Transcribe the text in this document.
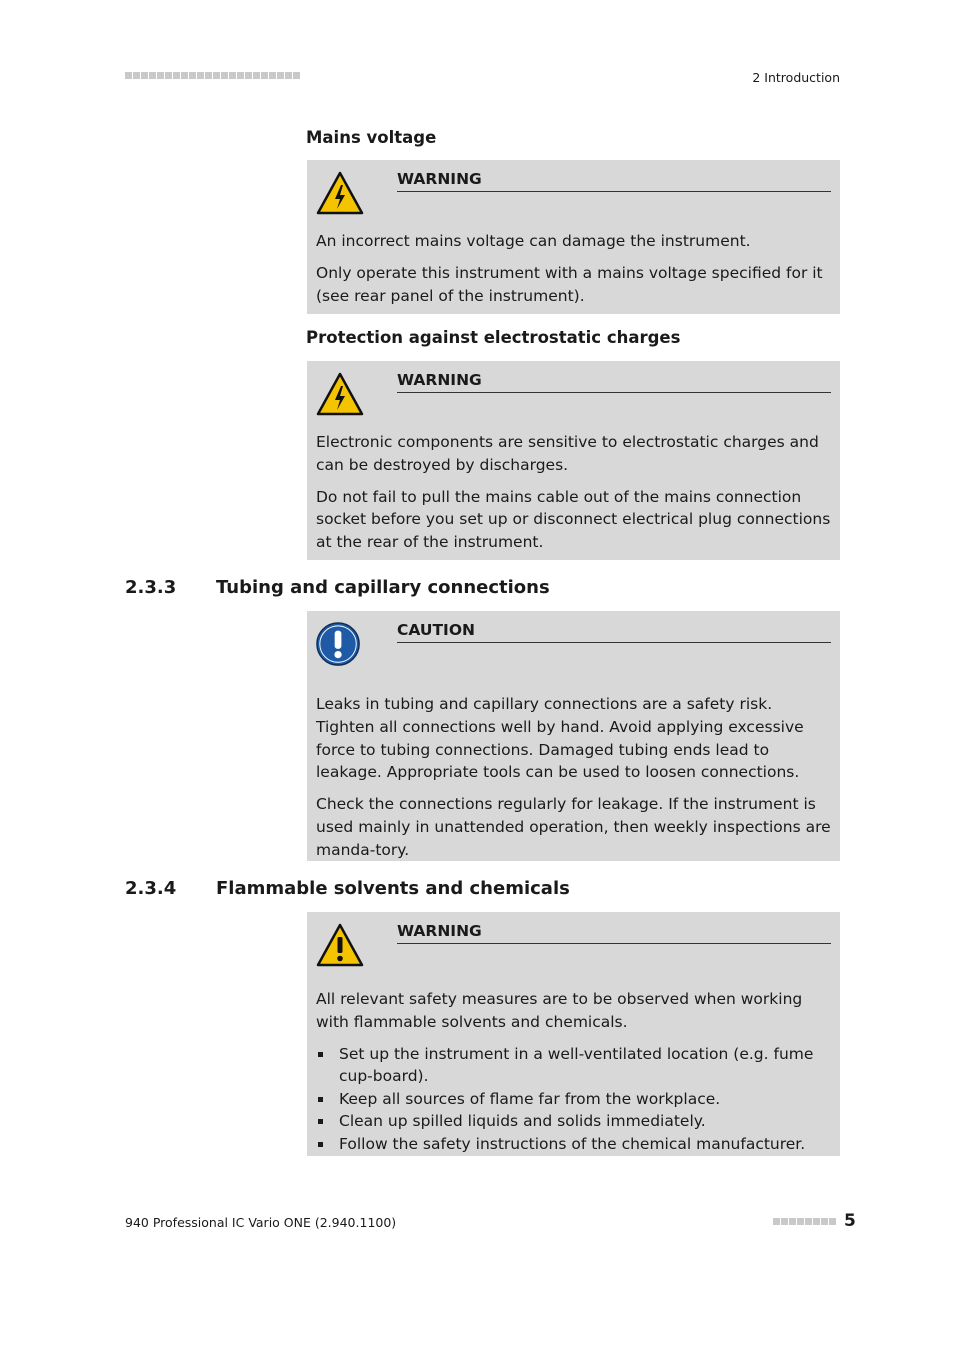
2 Introduction
Mains voltage
WARNING

An incorrect mains voltage can damage the instrument.

Only operate this instrument with a mains voltage specified for it (see rear panel of the instrument).

Protection against electrostatic charges
WARNING

Electronic components are sensitive to electrostatic charges and can be destroyed by discharges.

Do not fail to pull the mains cable out of the mains connection socket before you set up or disconnect electrical plug connections at the rear of the instrument.

2.3.3 Tubing and capillary connections
CAUTION

Leaks in tubing and capillary connections are a safety risk. Tighten all connections well by hand. Avoid applying excessive force to tubing connections. Damaged tubing ends lead to leakage. Appropriate tools can be used to loosen connections.

Check the connections regularly for leakage. If the instrument is used mainly in unattended operation, then weekly inspections are manda-tory.

2.3.4 Flammable solvents and chemicals
WARNING

All relevant safety measures are to be observed when working with flammable solvents and chemicals.

Set up the instrument in a well-ventilated location (e.g. fume cup-board).
Keep all sources of flame far from the workplace.
Clean up spilled liquids and solids immediately.
Follow the safety instructions of the chemical manufacturer.
940 Professional IC Vario ONE (2.940.1100)	5
